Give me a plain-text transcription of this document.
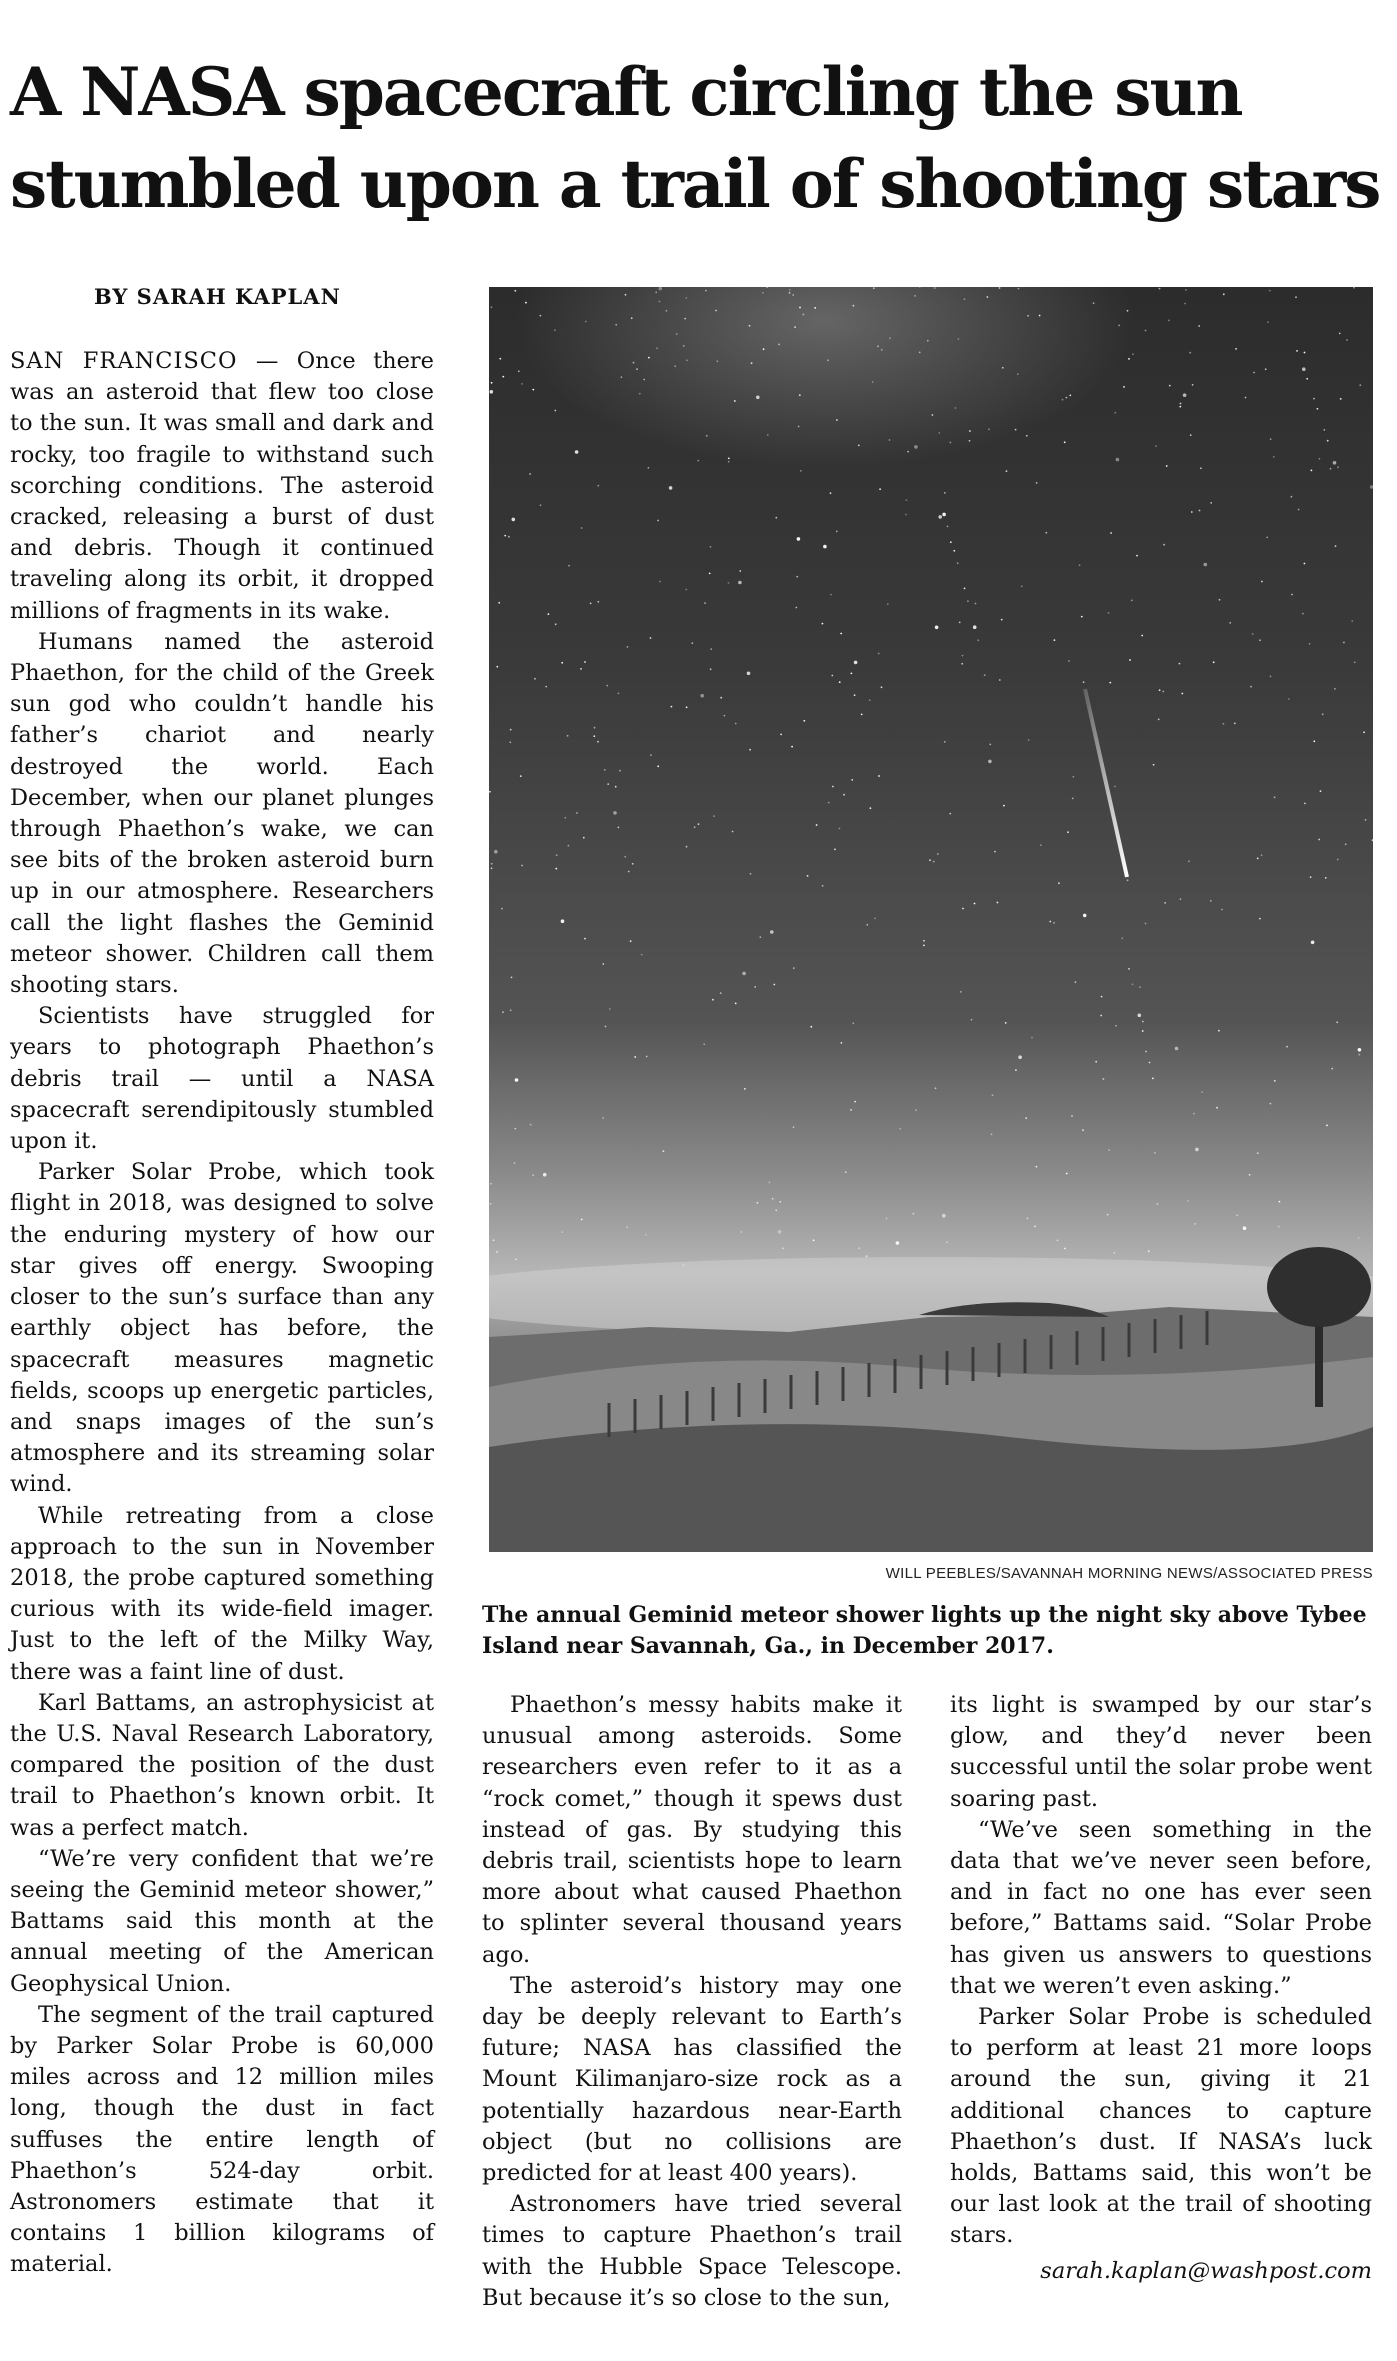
A NASA spacecraft circling the sun stumbled upon a trail of shooting stars
BY SARAH KAPLAN

SAN FRANCISCO — Once there was an asteroid that flew too close to the sun. It was small and dark and rocky, too fragile to withstand such scorching conditions. The asteroid cracked, releasing a burst of dust and debris. Though it continued traveling along its orbit, it dropped millions of fragments in its wake.

Humans named the asteroid Phaethon, for the child of the Greek sun god who couldn’t handle his father’s chariot and nearly destroyed the world. Each December, when our planet plunges through Phaethon’s wake, we can see bits of the broken asteroid burn up in our atmosphere. Researchers call the light flashes the Geminid meteor shower. Children call them shooting stars.

Scientists have struggled for years to photograph Phaethon’s debris trail — until a NASA spacecraft serendipitously stumbled upon it.

Parker Solar Probe, which took flight in 2018, was designed to solve the enduring mystery of how our star gives off energy. Swooping closer to the sun’s surface than any earthly object has before, the spacecraft measures magnetic fields, scoops up energetic particles, and snaps images of the sun’s atmosphere and its streaming solar wind.

While retreating from a close approach to the sun in November 2018, the probe captured something curious with its wide-field imager. Just to the left of the Milky Way, there was a faint line of dust.

Karl Battams, an astrophysicist at the U.S. Naval Research Laboratory, compared the position of the dust trail to Phaethon’s known orbit. It was a perfect match.

“We’re very confident that we’re seeing the Geminid meteor shower,” Battams said this month at the annual meeting of the American Geophysical Union.

The segment of the trail captured by Parker Solar Probe is 60,000 miles across and 12 million miles long, though the dust in fact suffuses the entire length of Phaethon’s 524-day orbit. Astronomers estimate that it contains 1 billion kilograms of material.

WILL PEEBLES/SAVANNAH MORNING NEWS/ASSOCIATED PRESS

The annual Geminid meteor shower lights up the night sky above Tybee Island near Savannah, Ga., in December 2017.

Phaethon’s messy habits make it unusual among asteroids. Some researchers even refer to it as a “rock comet,” though it spews dust instead of gas. By studying this debris trail, scientists hope to learn more about what caused Phaethon to splinter several thousand years ago.

The asteroid’s history may one day be deeply relevant to Earth’s future; NASA has classified the Mount Kilimanjaro-size rock as a potentially hazardous near-Earth object (but no collisions are predicted for at least 400 years).

Astronomers have tried several times to capture Phaethon’s trail with the Hubble Space Telescope. But because it’s so close to the sun,

its light is swamped by our star’s glow, and they’d never been successful until the solar probe went soaring past.

“We’ve seen something in the data that we’ve never seen before, and in fact no one has ever seen before,” Battams said. “Solar Probe has given us answers to questions that we weren’t even asking.”

Parker Solar Probe is scheduled to perform at least 21 more loops around the sun, giving it 21 additional chances to capture Phaethon’s dust. If NASA’s luck holds, Battams said, this won’t be our last look at the trail of shooting stars.

sarah.kaplan@washpost.com
